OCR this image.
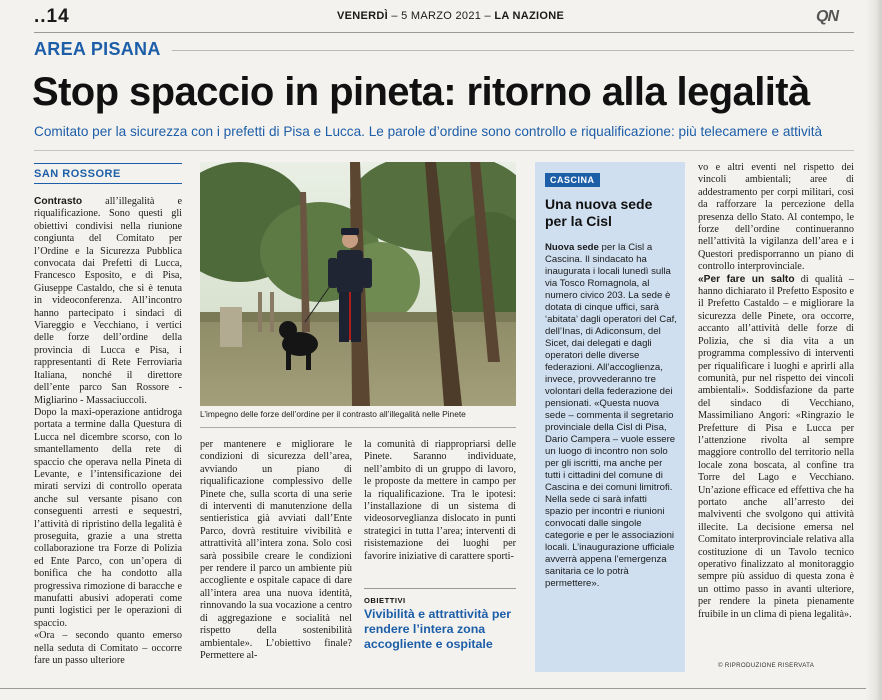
..14	VENERDÌ – 5 MARZO 2021 – LA NAZIONE	QN
AREA PISANA
Stop spaccio in pineta: ritorno alla legalità
Comitato per la sicurezza con i prefetti di Pisa e Lucca. Le parole d’ordine sono controllo e riqualificazione: più telecamere e attività
SAN ROSSORE

Contrasto all’illegalità e riqualificazione. Sono questi gli obiettivi condivisi nella riunione congiunta del Comitato per l’Ordine e la Sicurezza Pubblica convocata dai Prefetti di Lucca, Francesco Esposito, e di Pisa, Giuseppe Castaldo, che si è tenuta in videoconferenza. All’incontro hanno partecipato i sindaci di Viareggio e Vecchiano, i vertici delle forze dell’ordine della provincia di Lucca e Pisa, i rappresentanti di Rete Ferroviaria Italiana, nonché il direttore dell’ente parco San Rossore - Migliarino - Massaciuccoli.

Dopo la maxi-operazione antidroga portata a termine dalla Questura di Lucca nel dicembre scorso, con lo smantellamento della rete di spaccio che operava nella Pineta di Levante, e l’intensificazione dei mirati servizi di controllo operata anche sul versante pisano con conseguenti arresti e sequestri, l’attività di ripristino della legalità è proseguita, grazie a una stretta collaborazione tra Forze di Polizia ed Ente Parco, con un’opera di bonifica che ha condotto alla progressiva rimozione di baracche e manufatti abusivi adoperati come punti logistici per le operazioni di spaccio.

«Ora – secondo quanto emerso nella seduta di Comitato – occorre fare un passo ulteriore

L’impegno delle forze dell’ordine per il contrasto all’illegalità nelle Pinete

per mantenere e migliorare le condizioni di sicurezza dell’area, avviando un piano di riqualificazione complessivo delle Pinete che, sulla scorta di una serie di interventi di manutenzione della sentieristica già avviati dall’Ente Parco, dovrà restituire vivibilità e attrattività all’intera zona. Solo così sarà possibile creare le condizioni per rendere il parco un ambiente più accogliente e ospitale capace di dare all’intera area una nuova identità, rinnovando la sua vocazione a centro di aggregazione e socialità nel rispetto della sostenibilità ambientale». L’obiettivo finale? Permettere al-

la comunità di riappropriarsi delle Pinete. Saranno individuate, nell’ambito di un gruppo di lavoro, le proposte da mettere in campo per la riqualificazione. Tra le ipotesi: l’installazione di un sistema di videosorveglianza dislocato in punti strategici in tutta l’area; interventi di risistemazione dei luoghi per favorire iniziative di carattere sporti-

OBIETTIVI
Vivibilità e attrattività per rendere l’intera zona accogliente e ospitale
CASCINA
Una nuova sede per la Cisl
Nuova sede per la Cisl a Cascina. Il sindacato ha inaugurata i locali lunedì sulla via Tosco Romagnola, al numero civico 203. La sede è dotata di cinque uffici, sarà ‘abitata’ dagli operatori del Caf, dell’Inas, di Adiconsum, del Sicet, dai delegati e dagli operatori delle diverse federazioni. All’accoglienza, invece, provvederanno tre volontari della federazione dei pensionati. «Questa nuova sede – commenta il segretario provinciale della Cisl di Pisa, Dario Campera – vuole essere un luogo di incontro non solo per gli iscritti, ma anche per tutti i cittadini del comune di Cascina e dei comuni limitrofi. Nella sede ci sarà infatti spazio per incontri e riunioni convocati dalle singole categorie e per le associazioni locali. L’inaugurazione ufficiale avverrà appena l’emergenza sanitaria ce lo potrà permettere».

vo e altri eventi nel rispetto dei vincoli ambientali; aree di addestramento per corpi militari, così da rafforzare la percezione della presenza dello Stato. Al contempo, le forze dell’ordine continueranno nell’attività la vigilanza dell’area e i Questori predisporranno un piano di controllo interprovinciale.

«Per fare un salto di qualità – hanno dichiarato il Prefetto Esposito e il Prefetto Castaldo – e migliorare la sicurezza delle Pinete, ora occorre, accanto all’attività delle forze di Polizia, che si dia vita a un programma complessivo di interventi per riqualificare i luoghi e aprirli alla comunità, pur nel rispetto dei vincoli ambientali». Soddisfazione da parte del sindaco di Vecchiano, Massimiliano Angori: «Ringrazio le Prefetture di Pisa e Lucca per l’attenzione rivolta al sempre maggiore controllo del territorio nella locale zona boscata, al confine tra Torre del Lago e Vecchiano. Un’azione efficace ed effettiva che ha portato anche all’arresto dei malviventi che svolgono qui attività illecite. La decisione emersa nel Comitato interprovinciale relativa alla costituzione di un Tavolo tecnico operativo finalizzato al monitoraggio sempre più assiduo di questa zona è un ottimo passo in avanti ulteriore, per rendere la pineta pienamente fruibile in un clima di piena legalità».

© RIPRODUZIONE RISERVATA
